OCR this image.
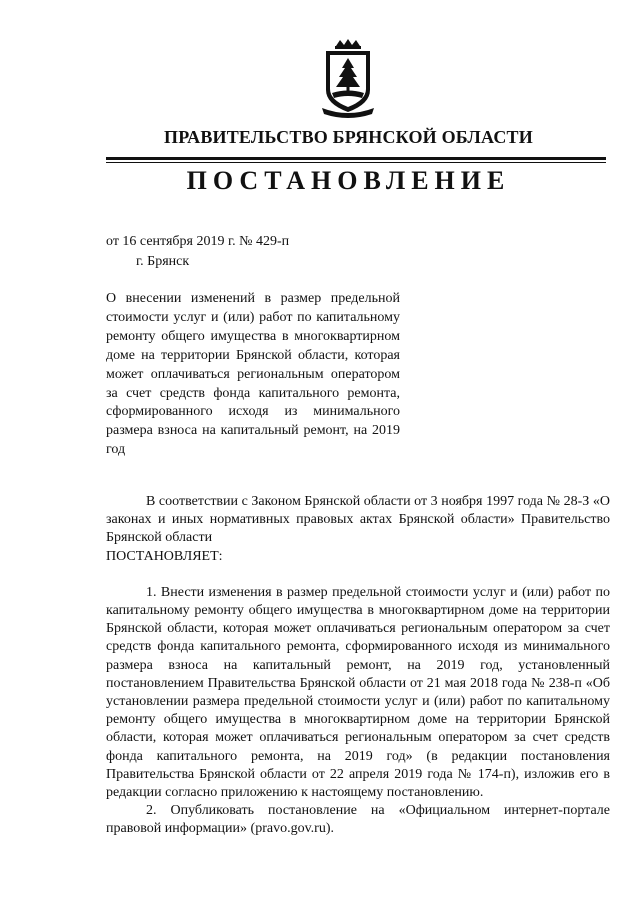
ПРАВИТЕЛЬСТВО БРЯНСКОЙ ОБЛАСТИ
ПОСТАНОВЛЕНИЕ
от 16 сентября 2019 г. № 429-п
г. Брянск
О внесении изменений в размер предельной стоимости услуг и (или) работ по капитальному ремонту общего имущества в многоквартирном доме на территории Брянской области, которая может оплачиваться региональным оператором за счет средств фонда капитального ремонта, сформированного исходя из минимального размера взноса на капитальный ремонт, на 2019 год

В соответствии с Законом Брянской области от 3 ноября 1997 года № 28-З «О законах и иных нормативных правовых актах Брянской области» Правительство Брянской области

ПОСТАНОВЛЯЕТ:

1. Внести изменения в размер предельной стоимости услуг и (или) работ по капитальному ремонту общего имущества в многоквартирном доме на территории Брянской области, которая может оплачиваться региональным оператором за счет средств фонда капитального ремонта, сформированного исходя из минимального размера взноса на капитальный ремонт, на 2019 год, установленный постановлением Правительства Брянской области от 21 мая 2018 года № 238-п «Об установлении размера предельной стоимости услуг и (или) работ по капитальному ремонту общего имущества в многоквартирном доме на территории Брянской области, которая может оплачиваться региональным оператором за счет средств фонда капитального ремонта, на 2019 год» (в редакции постановления Правительства Брянской области от 22 апреля 2019 года № 174-п), изложив его в редакции согласно приложению к настоящему постановлению.

2. Опубликовать постановление на «Официальном интернет-портале правовой информации» (pravo.gov.ru).
